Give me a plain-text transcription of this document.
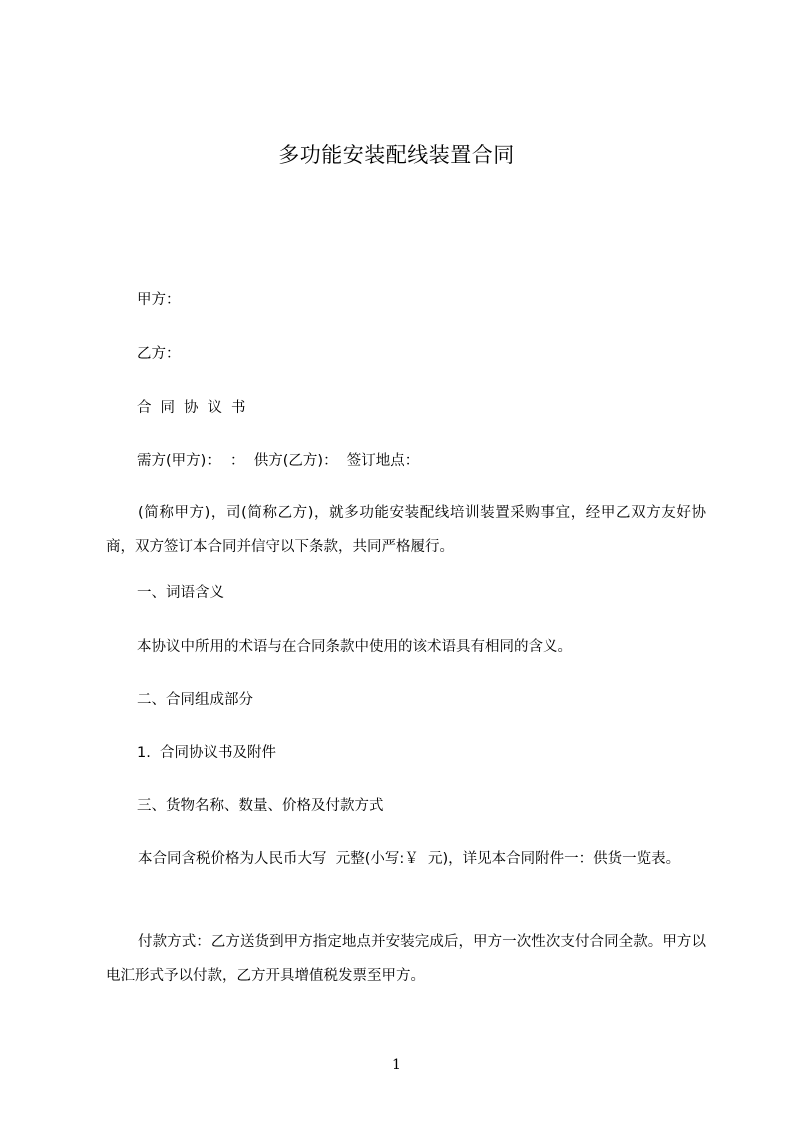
多功能安装配线装置合同
甲方：
乙方：
合同协议书
需方(甲方)：  ：  供方(乙方)：  签订地点：
(简称甲方)，司(简称乙方)，就多功能安装配线培训装置采购事宜，经甲乙双方友好协商，双方签订本合同并信守以下条款，共同严格履行。
一、词语含义
本协议中所用的术语与在合同条款中使用的该术语具有相同的含义。
二、合同组成部分
1.  合同协议书及附件
三、货物名称、数量、价格及付款方式
本合同含税价格为人民币大写  元整(小写:￥  元)，详见本合同附件一：供货一览表。
付款方式：乙方送货到甲方指定地点并安装完成后，甲方一次性次支付合同全款。甲方以电汇形式予以付款，乙方开具增值税发票至甲方。
1
